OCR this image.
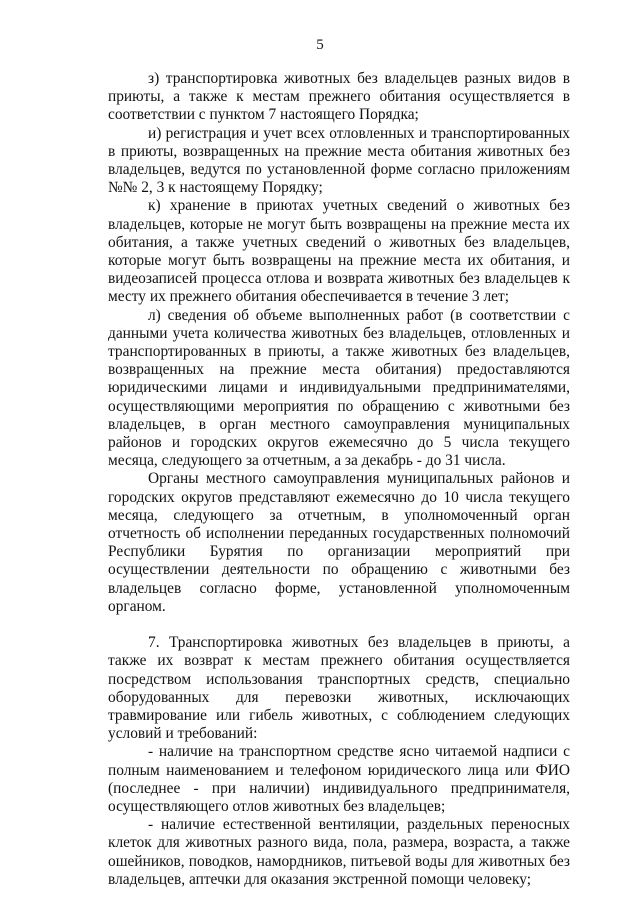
5

з) транспортировка животных без владельцев разных видов в приюты, а также к местам прежнего обитания осуществляется в соответствии с пунктом 7 настоящего Порядка;

и) регистрация и учет всех отловленных и транспортированных в приюты, возвращенных на прежние места обитания животных без владельцев, ведутся по установленной форме согласно приложениям №№ 2, 3 к настоящему Порядку;

к) хранение в приютах учетных сведений о животных без владельцев, которые не могут быть возвращены на прежние места их обитания, а также учетных сведений о животных без владельцев, которые могут быть возвращены на прежние места их обитания, и видеозаписей процесса отлова и возврата животных без владельцев к месту их прежнего обитания обеспечивается в течение 3 лет;

л) сведения об объеме выполненных работ (в соответствии с данными учета количества животных без владельцев, отловленных и транспортированных в приюты, а также животных без владельцев, возвращенных на прежние места обитания) предоставляются юридическими лицами и индивидуальными предпринимателями, осуществляющими мероприятия по обращению с животными без владельцев, в орган местного самоуправления муниципальных районов и городских округов ежемесячно до 5 числа текущего месяца, следующего за отчетным, а за декабрь - до 31 числа.

Органы местного самоуправления муниципальных районов и городских округов представляют ежемесячно до 10 числа текущего месяца, следующего за отчетным, в уполномоченный орган отчетность об исполнении переданных государственных полномочий Республики Бурятия по организации мероприятий при осуществлении деятельности по обращению с животными без владельцев согласно форме, установленной уполномоченным органом.

7. Транспортировка животных без владельцев в приюты, а также их возврат к местам прежнего обитания осуществляется посредством использования транспортных средств, специально оборудованных для перевозки животных, исключающих травмирование или гибель животных, с соблюдением следующих условий и требований:

- наличие на транспортном средстве ясно читаемой надписи с полным наименованием и телефоном юридического лица или ФИО (последнее - при наличии) индивидуального предпринимателя, осуществляющего отлов животных без владельцев;

- наличие естественной вентиляции, раздельных переносных клеток для животных разного вида, пола, размера, возраста, а также ошейников, поводков, намордников, питьевой воды для животных без владельцев, аптечки для оказания экстренной помощи человеку;
